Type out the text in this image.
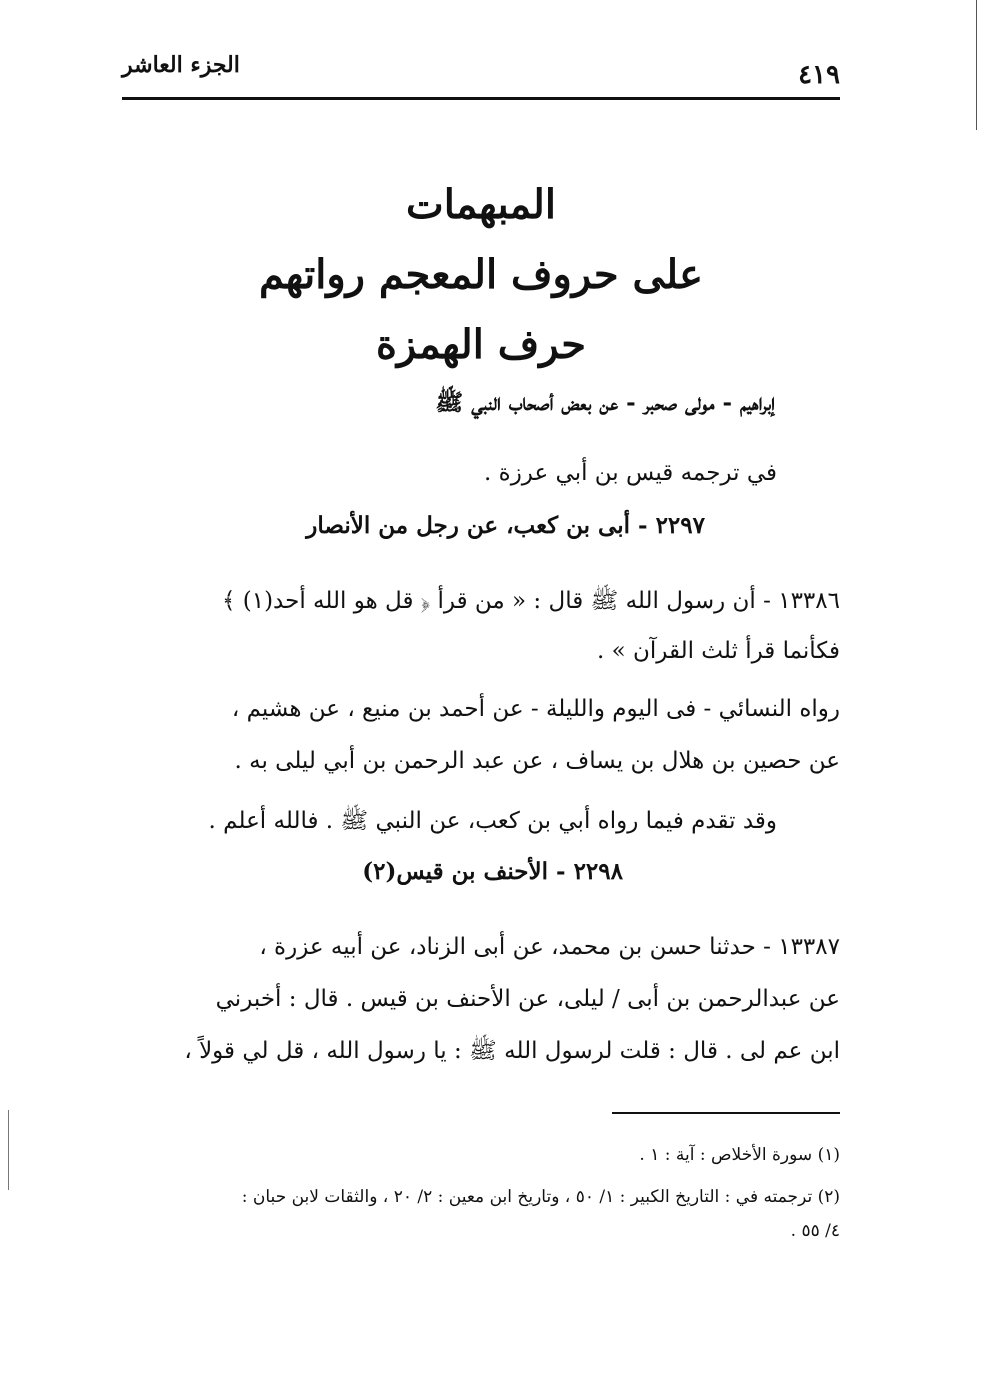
الجزء العاشر	٤١٩
المبهمات
على حروف المعجم رواتهم
حرف الهمزة
إبراهيم - مولى صحبر - عن بعض أصحاب النبي ﷺ
في ترجمه قيس بن أبي عرزة .
٢٢٩٧ - أبى بن كعب، عن رجل من الأنصار
١٣٣٨٦ - أن رسول الله ﷺ قال : « من قرأ ﴿ قل هو الله أحد(١) ﴾
فكأنما قرأ ثلث القرآن » .
رواه النسائي - فى اليوم والليلة - عن أحمد بن منيع ، عن هشيم ،
عن حصين بن هلال بن يساف ، عن عبد الرحمن بن أبي ليلى به .
وقد تقدم فيما رواه أبي بن كعب، عن النبي ﷺ . فالله أعلم .
٢٢٩٨ - الأحنف بن قيس(٢)
١٣٣٨٧ - حدثنا حسن بن محمد، عن أبى الزناد، عن أبيه عزرة ،
عن عبدالرحمن بن أبى / ليلى، عن الأحنف بن قيس . قال : أخبرني
ابن عم لى . قال : قلت لرسول الله ﷺ : يا رسول الله ، قل لي قولاً ،
(١) سورة الأخلاص : آية : ١ .
(٢) ترجمته في : التاريخ الكبير : ١/ ٥٠ ، وتاريخ ابن معين : ٢/ ٢٠ ، والثقات لابن حبان :
٤/ ٥٥ .
